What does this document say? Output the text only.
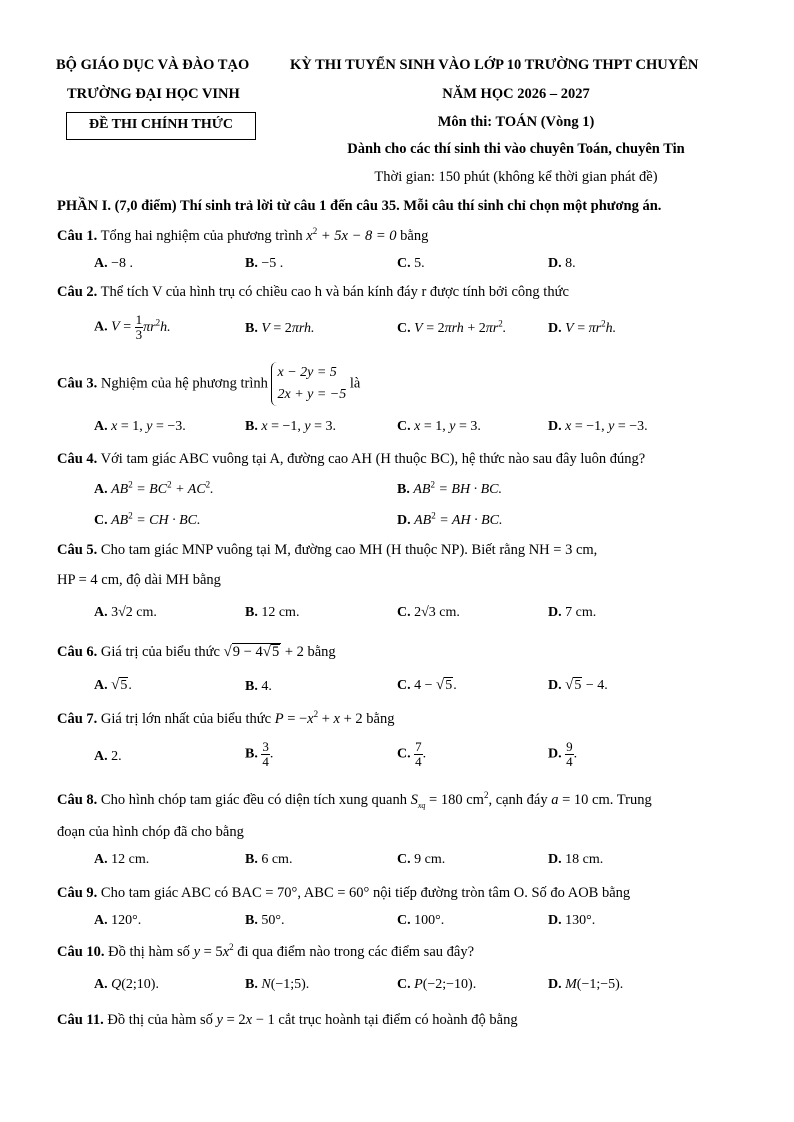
BỘ GIÁO DỤC VÀ ĐÀO TẠO
TRƯỜNG ĐẠI HỌC VINH
ĐỀ THI CHÍNH THỨC
KỲ THI TUYỂN SINH VÀO LỚP 10 TRƯỜNG THPT CHUYÊN
NĂM HỌC 2026 – 2027
Môn thi: TOÁN (Vòng 1)
Dành cho các thí sinh thi vào chuyên Toán, chuyên Tin
Thời gian: 150 phút (không kể thời gian phát đề)
PHẦN I. (7,0 điểm) Thí sinh trả lời từ câu 1 đến câu 35. Mỗi câu thí sinh chỉ chọn một phương án.
Câu 1. Tổng hai nghiệm của phương trình $x^2 + 5x - 8 = 0$ bằng
A. −8 .	B. −5 .	C. 5.	D. 8.
Câu 2. Thể tích V của hình trụ có chiều cao h và bán kính đáy r được tính bởi công thức
A. $V = \frac{1}{3} \pi r^2h$.	B. V = 2πrh.	C. $V = 2\pi rh + 2\pi r^2$.	D. $V = \pi r^2h$.
Câu 3. Nghiệm của hệ phương trình x − 2y = 5
2x + y = −5 là
A. x = 1, y = −3.	B. x = −1, y = 3.	C. x = 1, y = 3.	D. x = −1, y = −3.
Câu 4. Với tam giác ABC vuông tại A, đường cao AH (H thuộc BC), hệ thức nào sau đây luôn đúng?
A. $AB^2 = BC^2 + AC^2$.	B. $AB^2$ = BH · BC.
C. $AB^2$ = CH · BC.	D. $AB^2$ = AH · BC.
Câu 5. Cho tam giác MNP vuông tại M, đường cao MH (H thuộc NP). Biết rằng NH = 3 cm,
HP = 4 cm, độ dài MH bằng
A. 3√2 cm.	B. 12 cm.	C. 2√3 cm.	D. 7 cm.
Câu 6. Giá trị của biểu thức √9 − 4√5 + 2 bằng
A. √5.	B. 4.	C. 4 − √5.	D. √5 − 4.
Câu 7. Giá trị lớn nhất của biểu thức $P = -x^2 + x + 2$ bằng
A. 2.	B. $\frac{3}{4}$ .	C. $\frac{7}{4}$ .	D. $\frac{9}{4}$ .
Câu 8. Cho hình chóp tam giác đều có diện tích xung quanh $S_{xq} = 180$ $cm^2$, cạnh đáy a = 10 cm. Trung
đoạn của hình chóp đã cho bằng
A. 12 cm.	B. 6 cm.	C. 9 cm.	D. 18 cm.
Câu 9. Cho tam giác ABC có BAC = 70°, ABC = 60° nội tiếp đường tròn tâm O. Số đo AOB bằng
A. 120°.	B. 50°.	C. 100°.	D. 130°.
Câu 10. Đồ thị hàm số $y = 5x^2$ đi qua điểm nào trong các điểm sau đây?
A. Q(2;10).	B. N(−1;5).	C. P(−2;−10).	D. M(−1;−5).
Câu 11. Đồ thị của hàm số y = 2x − 1 cắt trục hoành tại điểm có hoành độ bằng
